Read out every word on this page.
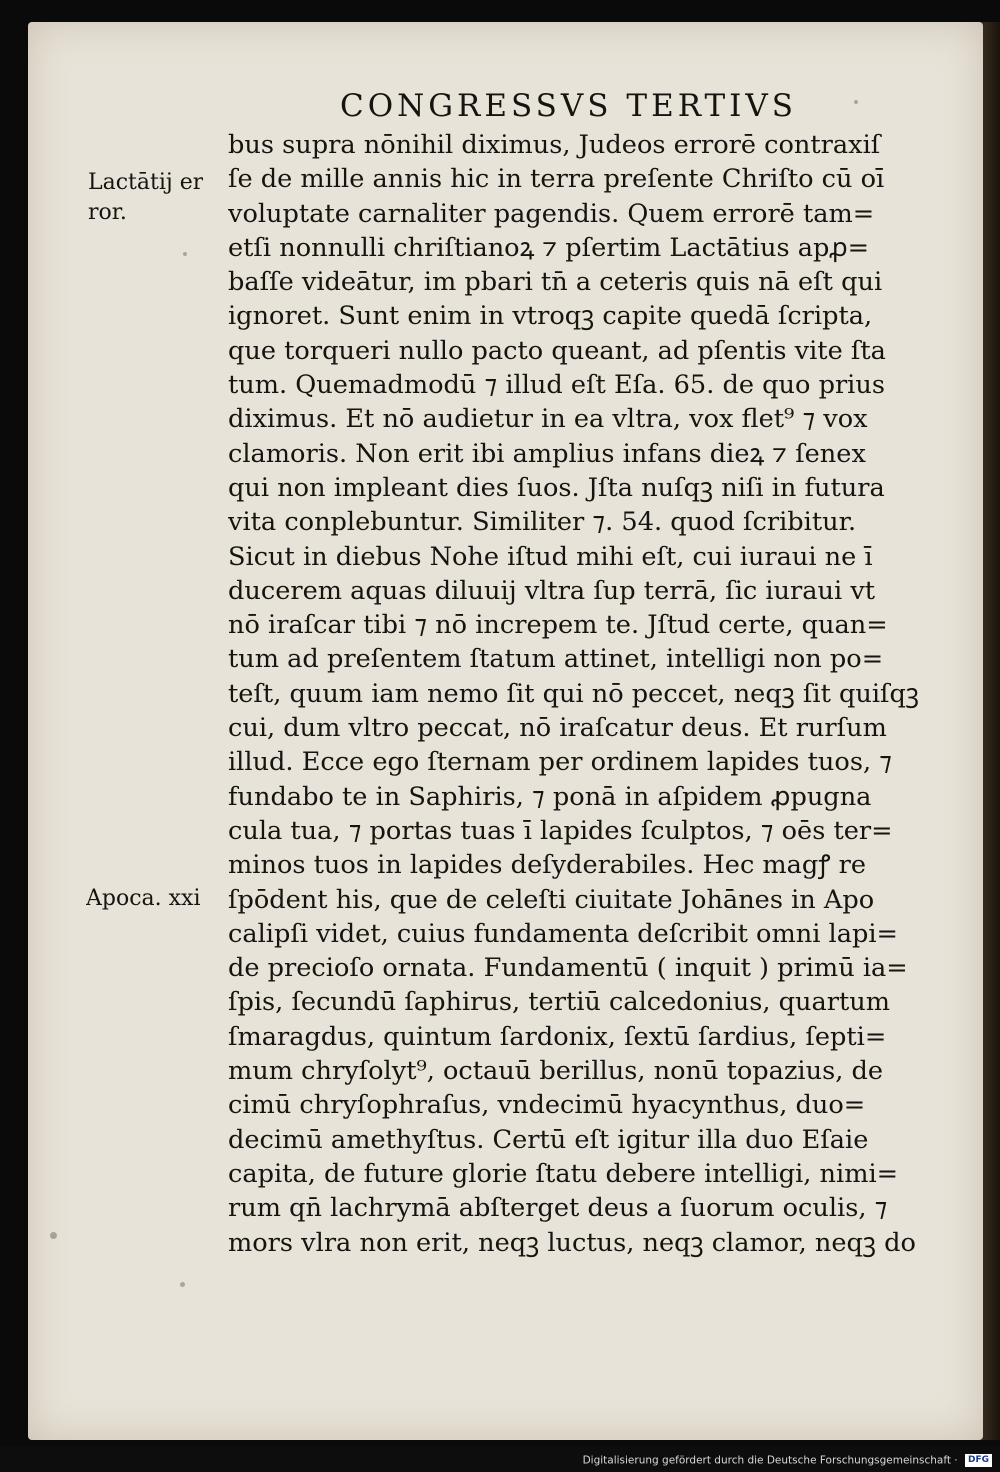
CONGRESSVS TERTIVS
Lactātij er
ror.
Apoca. xxi
bus supra nōnihil diximus, Judeos errorē contraxiſ
ſe de mille annis hic in terra preſente Chriſto cū oī
voluptate carnaliter pagendis. Quem errorē tam=
etſi nonnulli chriſtianoꝝ ⁊ pſertim Lactātius apꝓ=
baſſe videātur, im pbari tn̄ a ceteris quis nā eſt qui
ignoret. Sunt enim in vtroqꝫ capite quedā ſcripta,
que torqueri nullo pacto queant, ad pſentis vite ſta
tum. Quemadmodū ⁊ illud eſt Eſa. 65. de quo prius
diximus. Et nō audietur in ea vltra, vox flet⁹ ⁊ vox
clamoris. Non erit ibi amplius infans dieꝝ ⁊ ſenex
qui non impleant dies ſuos. Jſta nuſqꝫ niſi in futura
vita conplebuntur. Similiter ⁊. 54. quod ſcribitur.
Sicut in diebus Nohe iſtud mihi eſt, cui iuraui ne ī
ducerem aquas diluuij vltra ſup terrā, ſic iuraui vt
nō iraſcar tibi ⁊ nō increpem te. Jſtud certe, quan=
tum ad preſentem ſtatum attinet, intelligi non po=
teſt, quum iam nemo ſit qui nō peccet, neqꝫ ſit quiſqꝫ
cui, dum vltro peccat, nō iraſcatur deus. Et rurſum
illud. Ecce ego ſternam per ordinem lapides tuos, ⁊
fundabo te in Saphiris, ⁊ ponā in aſpidem ꝓpugna
cula tua, ⁊ portas tuas ī lapides ſculptos, ⁊ oēs ter=
minos tuos in lapides deſyderabiles. Hec magꝭ re
ſpōdent his, que de celeſti ciuitate Johānes in Apo
calipſi videt, cuius fundamenta deſcribit omni lapi=
de precioſo ornata. Fundamentū ( inquit ) primū ia=
ſpis, ſecundū ſaphirus, tertiū calcedonius, quartum
ſmaragdus, quintum ſardonix, ſextū ſardius, ſepti=
mum chryſolyt⁹, octauū berillus, nonū topazius, de
cimū chryſophraſus, vndecimū hyacynthus, duo=
decimū amethyſtus. Certū eſt igitur illa duo Eſaie
capita, de future glorie ſtatu debere intelligi, nimi=
rum qn̄ lachrymā abſterget deus a ſuorum oculis, ⁊
mors vlra non erit, neqꝫ luctus, neqꝫ clamor, neqꝫ do
Digitalisierung gefördert durch die Deutsche Forschungsgemeinschaft · DFG
